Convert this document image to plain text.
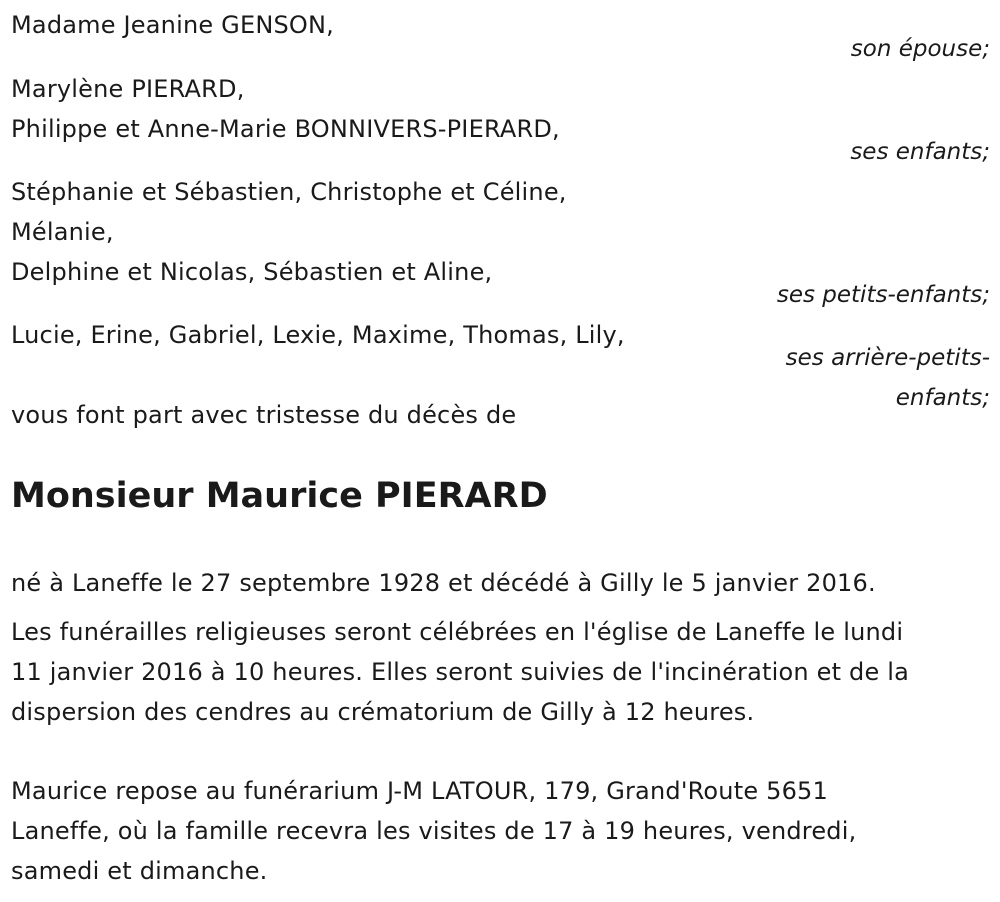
Madame Jeanine GENSON,
son épouse;
Marylène PIERARD,
Philippe et Anne-Marie BONNIVERS-PIERARD,
ses enfants;
Stéphanie et Sébastien, Christophe et Céline,
Mélanie,
Delphine et Nicolas, Sébastien et Aline,
ses petits-enfants;
Lucie, Erine, Gabriel, Lexie, Maxime, Thomas, Lily,
ses arrière-petits-
enfants;
vous font part avec tristesse du décès de
Monsieur Maurice PIERARD
né à Laneffe le 27 septembre 1928 et décédé à Gilly le 5 janvier 2016.
Les funérailles religieuses seront célébrées en l'église de Laneffe le lundi
11 janvier 2016 à 10 heures. Elles seront suivies de l'incinération et de la
dispersion des cendres au crématorium de Gilly à 12 heures.
Maurice repose au funérarium J-M LATOUR, 179, Grand'Route 5651
Laneffe, où la famille recevra les visites de 17 à 19 heures, vendredi,
samedi et dimanche.
